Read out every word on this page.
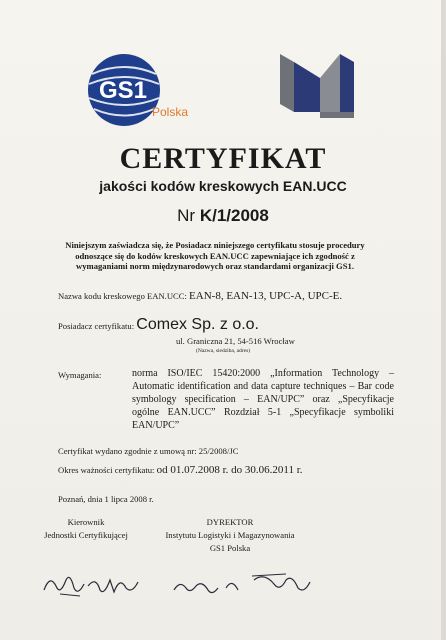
GS1
Polska
CERTYFIKAT
jakości kodów kreskowych EAN.UCC
Nr K/1/2008
Niniejszym zaświadcza się, że Posiadacz niniejszego certyfikatu stosuje procedury odnoszące się do kodów kreskowych EAN.UCC zapewniające ich zgodność z wymaganiami norm międzynarodowych oraz standardami organizacji GS1.
Nazwa kodu kreskowego EAN.UCC: EAN-8, EAN-13, UPC-A, UPC-E.
Posiadacz certyfikatu: Comex Sp. z o.o.
ul. Graniczna 21, 54-516 Wrocław
(Nazwa, siedziba, adres)
Wymagania:	norma ISO/IEC 15420:2000 „Information Technology – Automatic identification and data capture techniques – Bar code symbology specification – EAN/UPC” oraz „Specyfikacje ogólne EAN.UCC” Rozdział 5-1 „Specyfikacje symboliki EAN/UPC”
Certyfikat wydano zgodnie z umową nr: 25/2008/JC
Okres ważności certyfikatu: od 01.07.2008 r. do 30.06.2011 r.
Poznań, dnia 1 lipca 2008 r.
Kierownik
Jednostki Certyfikującej
DYREKTOR
Instytutu Logistyki i Magazynowania
GS1 Polska
